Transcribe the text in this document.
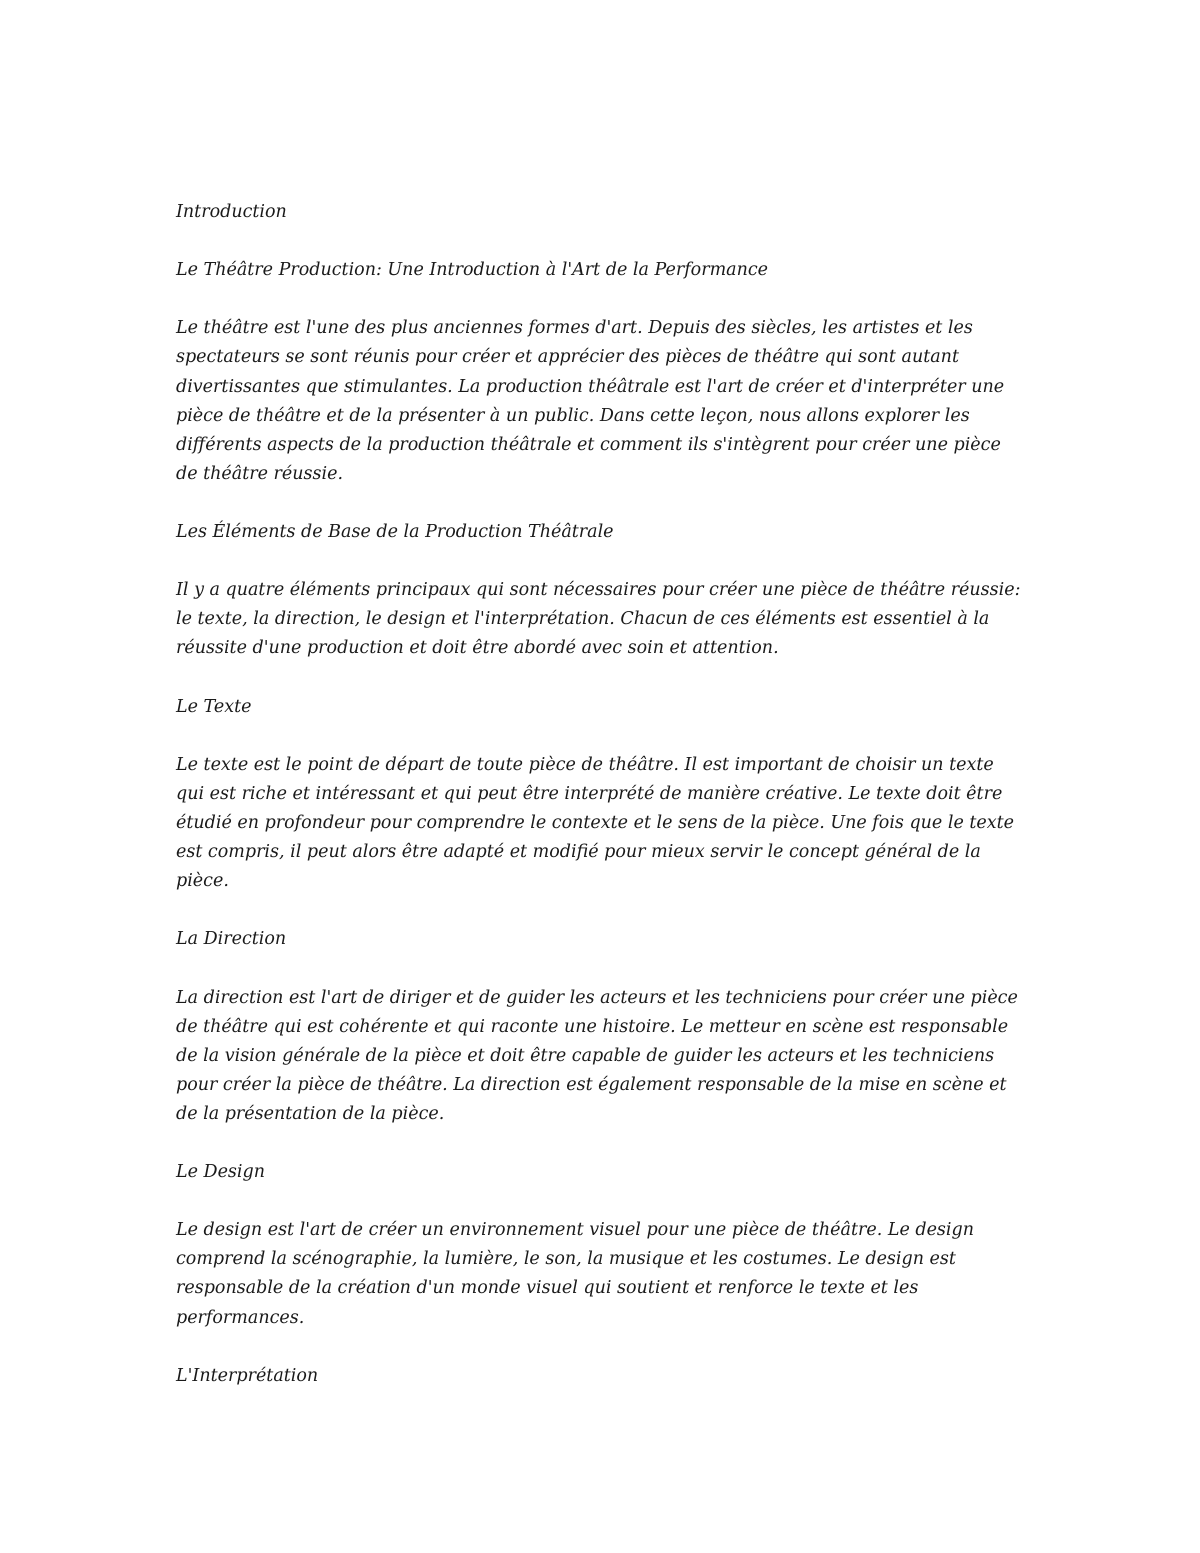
Introduction

Le Théâtre Production: Une Introduction à l'Art de la Performance

Le théâtre est l'une des plus anciennes formes d'art. Depuis des siècles, les artistes et les spectateurs se sont réunis pour créer et apprécier des pièces de théâtre qui sont autant divertissantes que stimulantes. La production théâtrale est l'art de créer et d'interpréter une pièce de théâtre et de la présenter à un public. Dans cette leçon, nous allons explorer les différents aspects de la production théâtrale et comment ils s'intègrent pour créer une pièce de théâtre réussie.

Les Éléments de Base de la Production Théâtrale

Il y a quatre éléments principaux qui sont nécessaires pour créer une pièce de théâtre réussie: le texte, la direction, le design et l'interprétation. Chacun de ces éléments est essentiel à la réussite d'une production et doit être abordé avec soin et attention.

Le Texte

Le texte est le point de départ de toute pièce de théâtre. Il est important de choisir un texte qui est riche et intéressant et qui peut être interprété de manière créative. Le texte doit être étudié en profondeur pour comprendre le contexte et le sens de la pièce. Une fois que le texte est compris, il peut alors être adapté et modifié pour mieux servir le concept général de la pièce.

La Direction

La direction est l'art de diriger et de guider les acteurs et les techniciens pour créer une pièce de théâtre qui est cohérente et qui raconte une histoire. Le metteur en scène est responsable de la vision générale de la pièce et doit être capable de guider les acteurs et les techniciens pour créer la pièce de théâtre. La direction est également responsable de la mise en scène et de la présentation de la pièce.

Le Design

Le design est l'art de créer un environnement visuel pour une pièce de théâtre. Le design comprend la scénographie, la lumière, le son, la musique et les costumes. Le design est responsable de la création d'un monde visuel qui soutient et renforce le texte et les performances.

L'Interprétation
